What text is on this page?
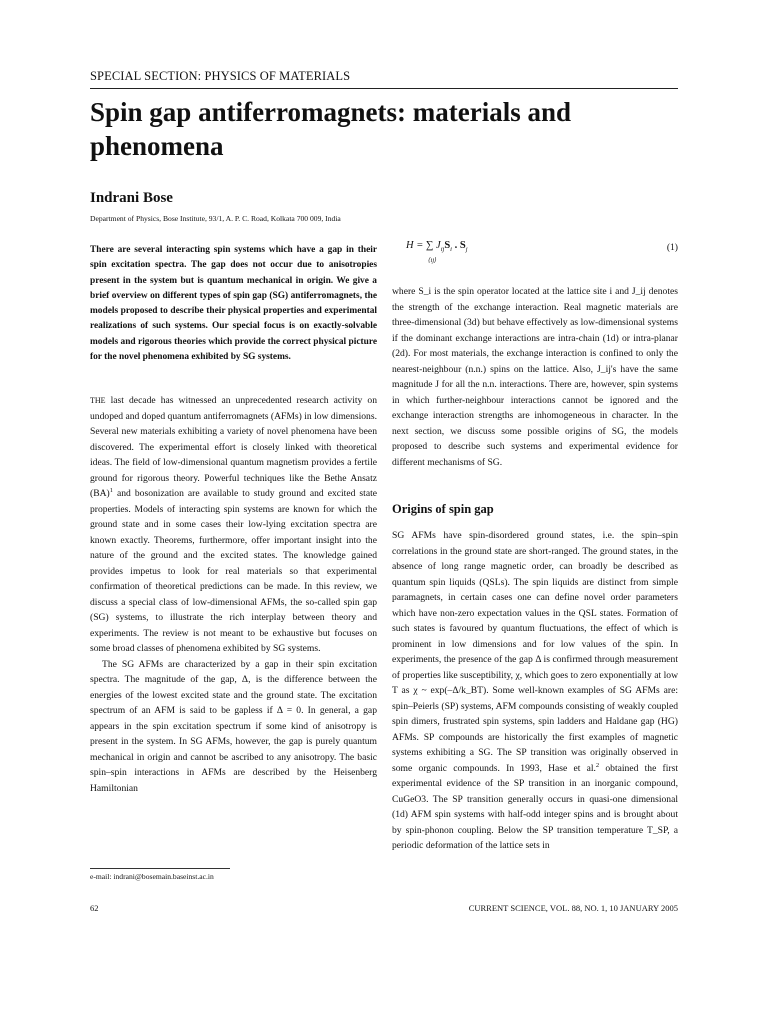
SPECIAL SECTION: PHYSICS OF MATERIALS
Spin gap antiferromagnets: materials and phenomena
Indrani Bose
Department of Physics, Bose Institute, 93/1, A. P. C. Road, Kolkata 700 009, India
There are several interacting spin systems which have a gap in their spin excitation spectra. The gap does not occur due to anisotropies present in the system but is quantum mechanical in origin. We give a brief overview on different types of spin gap (SG) antiferromagnets, the models proposed to describe their physical properties and experimental realizations of such systems. Our special focus is on exactly-solvable models and rigorous theories which provide the correct physical picture for the novel phenomena exhibited by SG systems.

THE last decade has witnessed an unprecedented research activity on undoped and doped quantum antiferromagnets (AFMs) in low dimensions. Several new materials exhibiting a variety of novel phenomena have been discovered. The experimental effort is closely linked with theoretical ideas. The field of low-dimensional quantum magnetism provides a fertile ground for rigorous theory. Powerful techniques like the Bethe Ansatz (BA)$^1$ and bosonization are available to study ground and excited state properties. Models of interacting spin systems are known for which the ground state and in some cases their low-lying excitation spectra are known exactly. Theorems, furthermore, offer important insight into the nature of the ground and the excited states. The knowledge gained provides impetus to look for real materials so that experimental confirmation of theoretical predictions can be made. In this review, we discuss a special class of low-dimensional AFMs, the so-called spin gap (SG) systems, to illustrate the rich interplay between theory and experiments. The review is not meant to be exhaustive but focuses on some broad classes of phenomena exhibited by SG systems.

The SG AFMs are characterized by a gap in their spin excitation spectra. The magnitude of the gap, Δ, is the difference between the energies of the lowest excited state and the ground state. The excitation spectrum of an AFM is said to be gapless if Δ = 0. In general, a gap appears in the spin excitation spectrum if some kind of anisotropy is present in the system. In SG AFMs, however, the gap is purely quantum mechanical in origin and cannot be ascribed to any anisotropy. The basic spin–spin interactions in AFMs are described by the Heisenberg Hamiltonian

H = ∑ $J_{ij}S_i$ . $S_j$
⟨ij⟩
(1)
where S_i is the spin operator located at the lattice site i and J_ij denotes the strength of the exchange interaction. Real magnetic materials are three-dimensional (3d) but behave effectively as low-dimensional systems if the dominant exchange interactions are intra-chain (1d) or intra-planar (2d). For most materials, the exchange interaction is confined to only the nearest-neighbour (n.n.) spins on the lattice. Also, J_ij's have the same magnitude J for all the n.n. interactions. There are, however, spin systems in which further-neighbour interactions cannot be ignored and the exchange interaction strengths are inhomogeneous in character. In the next section, we discuss some possible origins of SG, the models proposed to describe such systems and experimental evidence for different mechanisms of SG.
Origins of spin gap

SG AFMs have spin-disordered ground states, i.e. the spin–spin correlations in the ground state are short-ranged. The ground states, in the absence of long range magnetic order, can broadly be described as quantum spin liquids (QSLs). The spin liquids are distinct from simple paramagnets, in certain cases one can define novel order parameters which have non-zero expectation values in the QSL states. Formation of such states is favoured by quantum fluctuations, the effect of which is prominent in low dimensions and for low values of the spin. In experiments, the presence of the gap Δ is confirmed through measurement of properties like susceptibility, χ, which goes to zero exponentially at low T as χ ~ exp(–Δ/k_BT). Some well-known examples of SG AFMs are: spin–Peierls (SP) systems, AFM compounds consisting of weakly coupled spin dimers, frustrated spin systems, spin ladders and Haldane gap (HG) AFMs. SP compounds are historically the first examples of magnetic systems exhibiting a SG. The SP transition was originally observed in some organic compounds. In 1993, Hase et al.$^2$ obtained the first experimental evidence of the SP transition in an inorganic compound, CuGeO3. The SP transition generally occurs in quasi-one dimensional (1d) AFM spin systems with half-odd integer spins and is brought about by spin-phonon coupling. Below the SP transition temperature T_SP, a periodic deformation of the lattice sets in

e-mail: indrani@bosemain.baseinst.ac.in
62	CURRENT SCIENCE, VOL. 88, NO. 1, 10 JANUARY 2005
